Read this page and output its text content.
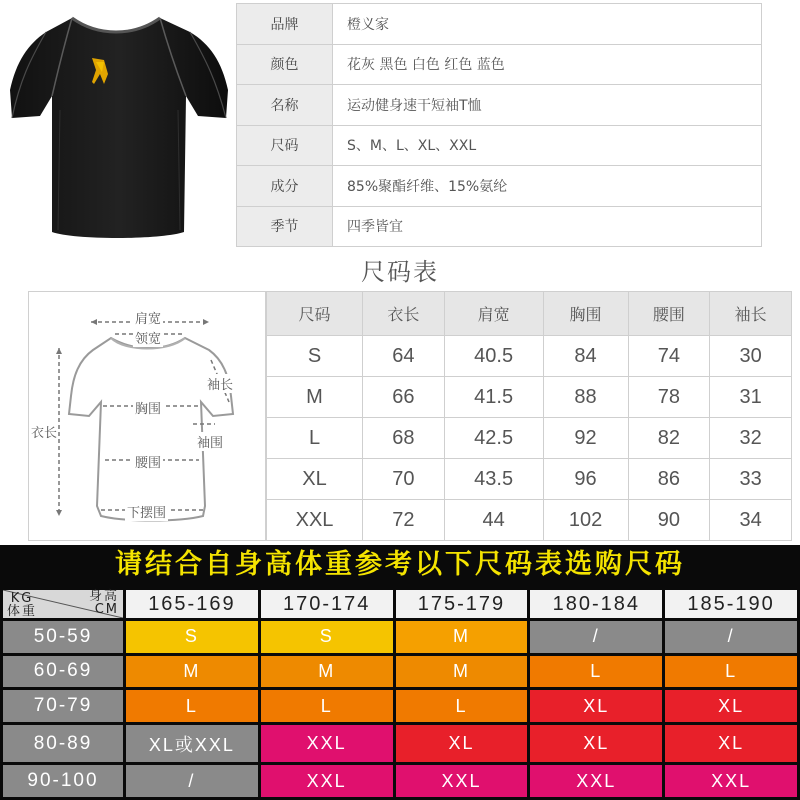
品牌	橙义家
颜色	花灰 黑色 白色 红色 蓝色
名称	运动健身速干短袖T恤
尺码	S、M、L、XL、XXL
成分	85%聚酯纤维、15%氨纶
季节	四季皆宜
尺码表
肩宽
领宽
袖长
衣长
胸围
袖围
腰围
下摆围
尺码	衣长	肩宽	胸围	腰围	袖长
S	64	40.5	84	74	30
M	66	41.5	88	78	31
L	68	42.5	92	82	32
XL	70	43.5	96	86	33
XXL	72	44	102	90	34
请结合自身高体重参考以下尺码表选购尺码
身高
CM
KG
体重	165-169	170-174	175-179	180-184	185-190
50-59	S	S	M	/	/
60-69	M	M	M	L	L
70-79	L	L	L	XL	XL
80-89	XL或XXL	XXL	XL	XL	XL
90-100	/	XXL	XXL	XXL	XXL
